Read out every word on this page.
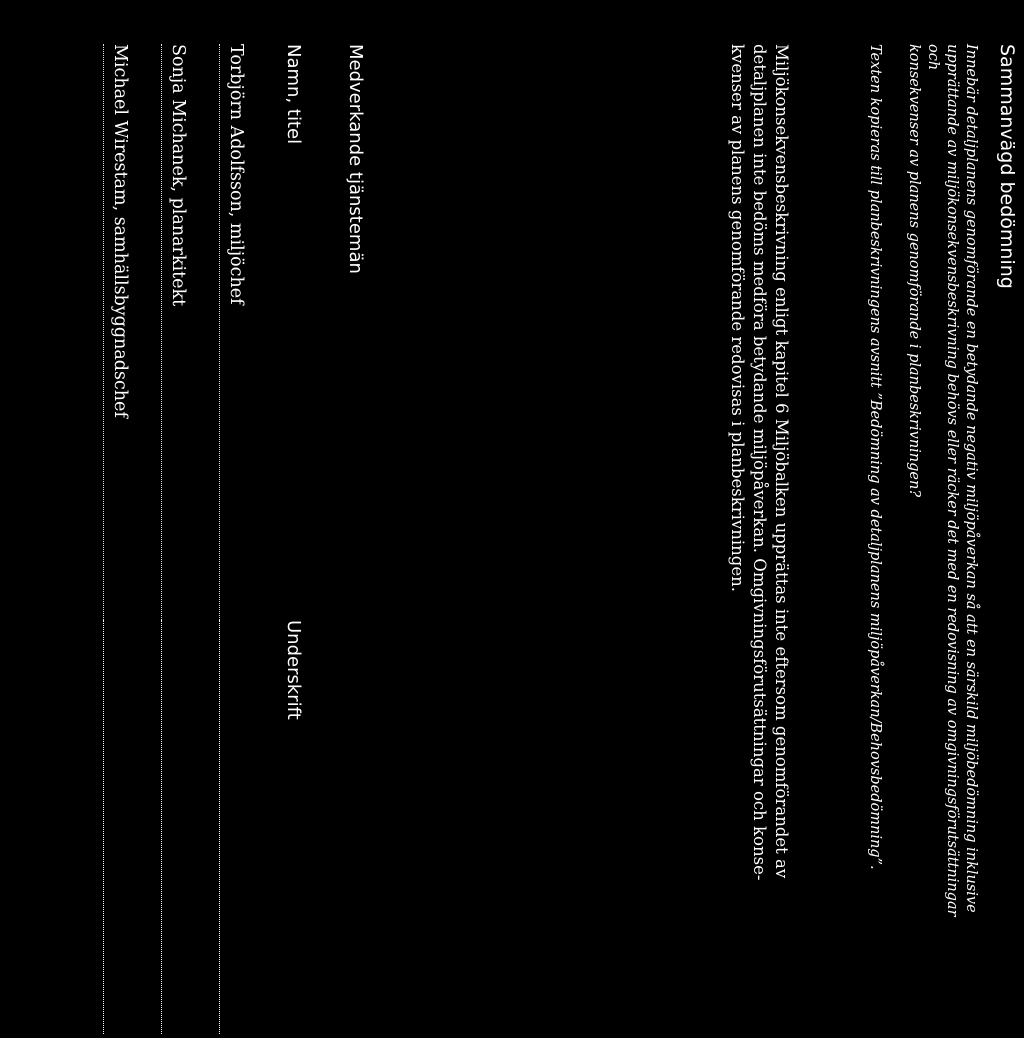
Sammanvägd bedömning

Innebär detaljplanens genomförande en betydande negativ miljöpåverkan så att en särskild miljöbedömning inklusive
upprättande av miljökonsekvensbeskrivning behövs eller räcker det med en redovisning av omgivningsförutsättningar och
konsekvenser av planens genomförande i planbeskrivningen?

Texten kopieras till planbeskrivningens avsnitt ”Bedömning av detaljplanens miljöpåverkan/Behovsbedömning”.

Miljökonsekvensbeskrivning enligt kapitel 6 Miljöbalken upprättas inte eftersom genomförandet av
detaljplanen inte bedöms medföra betydande miljöpåverkan. Omgivningsförutsättningar och konse-
kvenser av planens genomförande redovisas i planbeskrivningen.

Medverkande tjänstemän
Namn, titel
Underskrift
Torbjörn Adolfsson, miljöchef
Sonja Michanek, planarkitekt
Michael Wirestam, samhällsbyggnadschef
